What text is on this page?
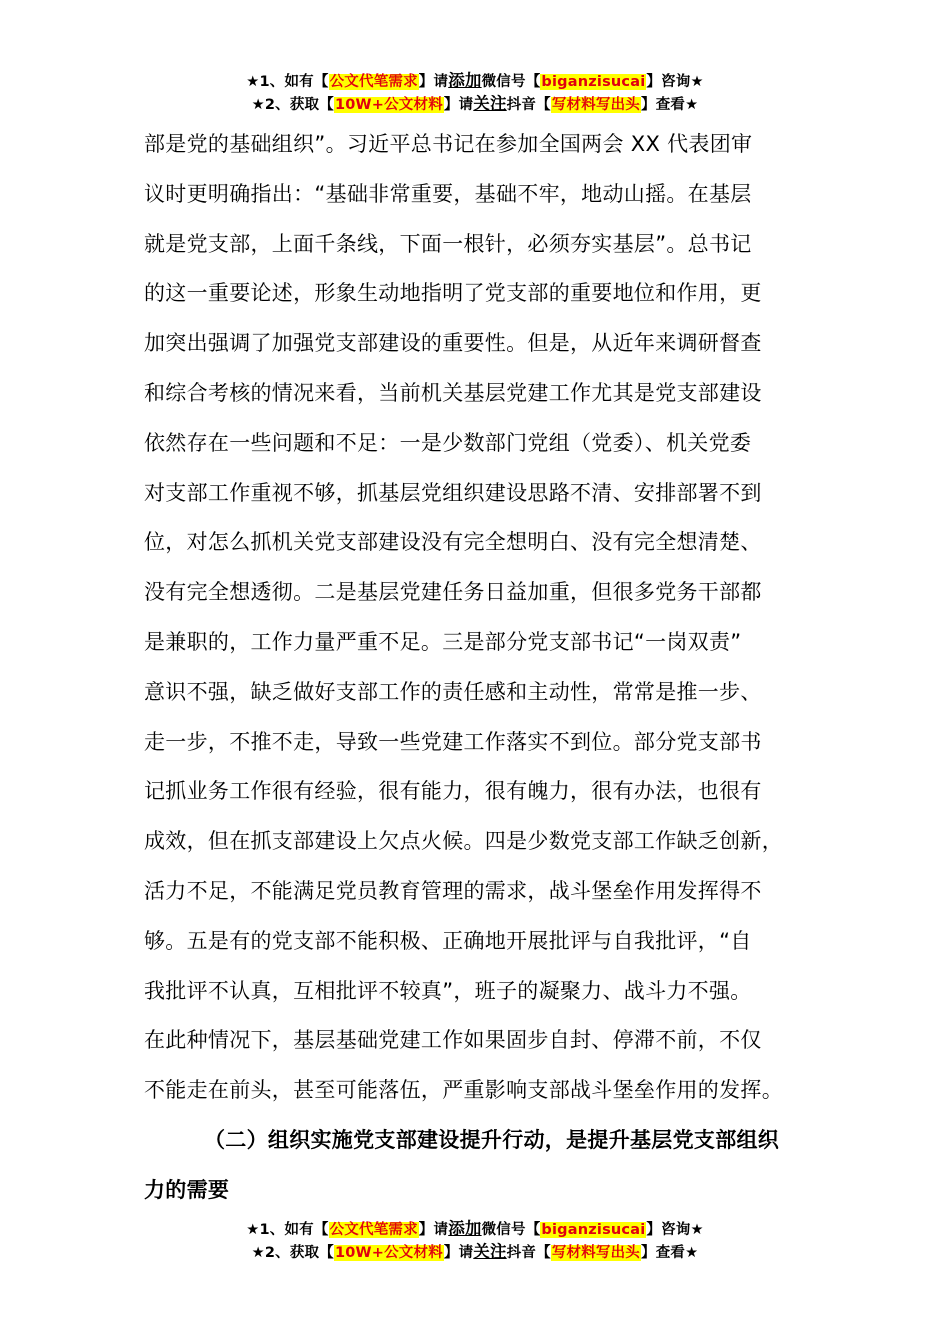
★1、如有【公文代笔需求】请添加微信号【biganzisucai】咨询★
★2、获取【10W+公文材料】请关注抖音【写材料写出头】查看★
部是党的基础组织”。习近平总书记在参加全国两会 XX 代表团审
议时更明确指出：“基础非常重要，基础不牢，地动山摇。在基层
就是党支部，上面千条线，下面一根针，必须夯实基层”。总书记
的这一重要论述，形象生动地指明了党支部的重要地位和作用，更
加突出强调了加强党支部建设的重要性。但是，从近年来调研督查
和综合考核的情况来看，当前机关基层党建工作尤其是党支部建设
依然存在一些问题和不足：一是少数部门党组（党委）、机关党委
对支部工作重视不够，抓基层党组织建设思路不清、安排部署不到
位，对怎么抓机关党支部建设没有完全想明白、没有完全想清楚、
没有完全想透彻。二是基层党建任务日益加重，但很多党务干部都
是兼职的，工作力量严重不足。三是部分党支部书记“一岗双责”
意识不强，缺乏做好支部工作的责任感和主动性，常常是推一步、
走一步，不推不走，导致一些党建工作落实不到位。部分党支部书
记抓业务工作很有经验，很有能力，很有魄力，很有办法，也很有
成效，但在抓支部建设上欠点火候。四是少数党支部工作缺乏创新，
活力不足，不能满足党员教育管理的需求，战斗堡垒作用发挥得不
够。五是有的党支部不能积极、正确地开展批评与自我批评，“自
我批评不认真，互相批评不较真”，班子的凝聚力、战斗力不强。
在此种情况下，基层基础党建工作如果固步自封、停滞不前，不仅
不能走在前头，甚至可能落伍，严重影响支部战斗堡垒作用的发挥。
（二）组织实施党支部建设提升行动，是提升基层党支部组织
力的需要
★1、如有【公文代笔需求】请添加微信号【biganzisucai】咨询★
★2、获取【10W+公文材料】请关注抖音【写材料写出头】查看★
